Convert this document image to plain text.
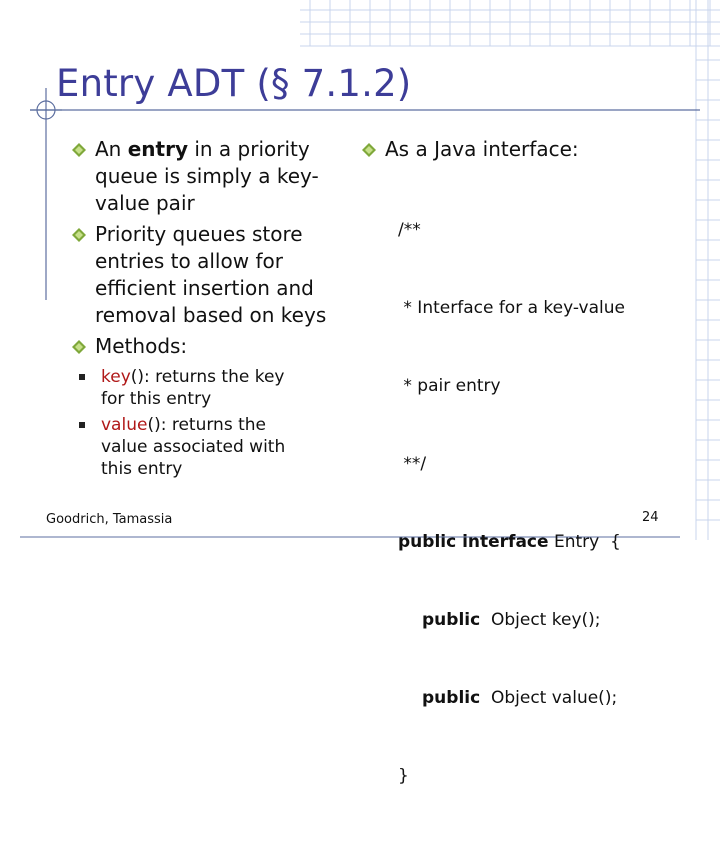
Entry ADT (§ 7.1.2)
An entry in a priority
queue is simply a key-
value pair
Priority queues store
entries to allow for
efficient insertion and
removal based on keys
Methods:
key(): returns the key
for this entry
value(): returns the
value associated with
this entry
As a Java interface:

/**

* Interface for a key-value

* pair entry

**/

public interface Entry  {

public  Object key();

public  Object value();

}

Goodrich, Tamassia	24
